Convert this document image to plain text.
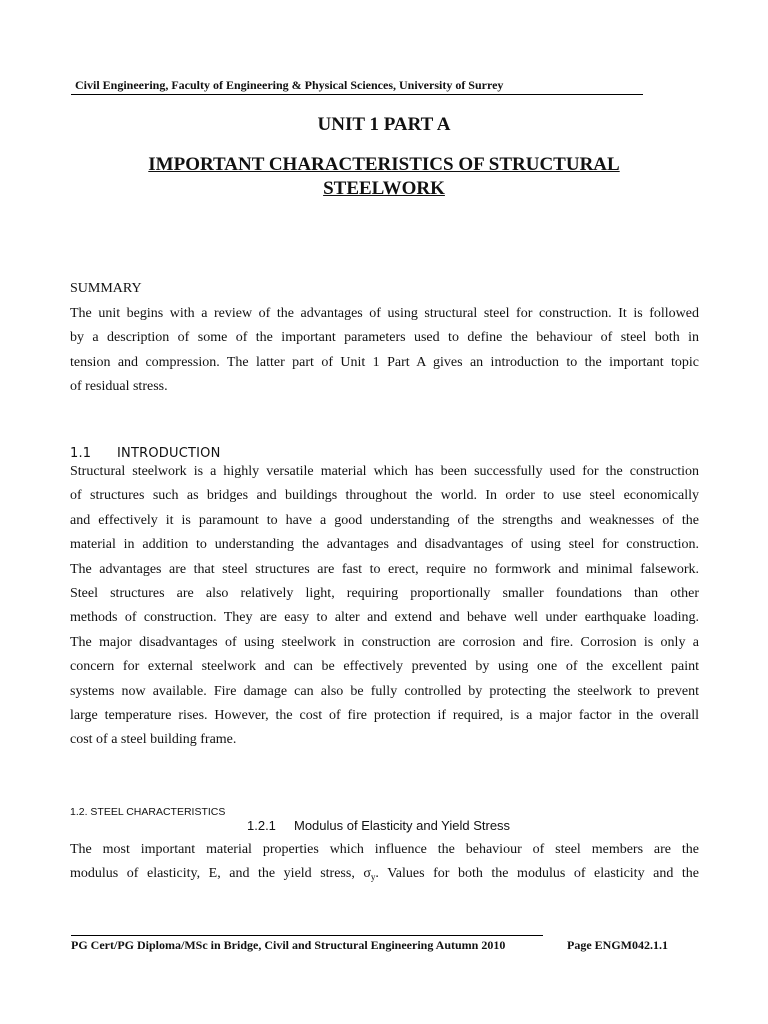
Civil Engineering, Faculty of Engineering & Physical Sciences, University of Surrey
UNIT 1 PART A
IMPORTANT CHARACTERISTICS OF STRUCTURAL STEELWORK
SUMMARY
The unit begins with a review of the advantages of using structural steel for construction. It is followed
by a description of some of the important parameters used to define the behaviour of steel both in
tension and compression. The latter part of Unit 1 Part A gives an introduction to the important topic
of residual stress.
1.1 INTRODUCTION
Structural steelwork is a highly versatile material which has been successfully used for the construction
of structures such as bridges and buildings throughout the world. In order to use steel economically
and effectively it is paramount to have a good understanding of the strengths and weaknesses of the
material in addition to understanding the advantages and disadvantages of using steel for construction.
The advantages are that steel structures are fast to erect, require no formwork and minimal falsework.
Steel structures are also relatively light, requiring proportionally smaller foundations than other
methods of construction. They are easy to alter and extend and behave well under earthquake loading.
The major disadvantages of using steelwork in construction are corrosion and fire. Corrosion is only a
concern for external steelwork and can be effectively prevented by using one of the excellent paint
systems now available. Fire damage can also be fully controlled by protecting the steelwork to prevent
large temperature rises. However, the cost of fire protection if required, is a major factor in the overall
cost of a steel building frame.
1.2. STEEL CHARACTERISTICS
1.2.1 Modulus of Elasticity and Yield Stress
The most important material properties which influence the behaviour of steel members are the
modulus of elasticity, E, and the yield stress, $\sigma_y$. Values for both the modulus of elasticity and the
PG Cert/PG Diploma/MSc in Bridge, Civil and Structural Engineering Autumn 2010	Page ENGM042.1.1
